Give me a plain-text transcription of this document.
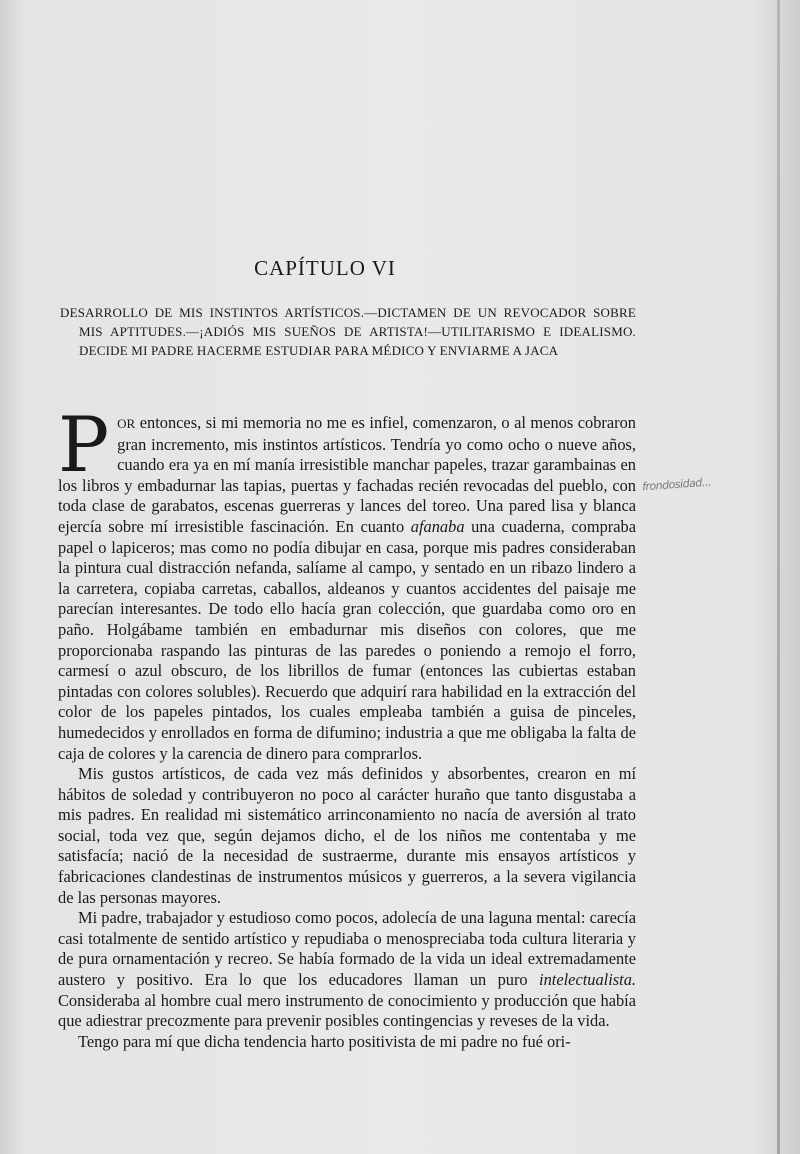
CAPÍTULO VI

DESARROLLO DE MIS INSTINTOS ARTÍSTICOS.—DICTAMEN DE UN REVOCADOR SOBRE

MIS APTITUDES.—¡ADIÓS MIS SUEÑOS DE ARTISTA!—UTILITARISMO E IDEALISMO.

DECIDE MI PADRE HACERME ESTUDIAR PARA MÉDICO Y ENVIARME A JACA

POR entonces, si mi memoria no me es infiel, comenzaron, o al menos cobraron gran incremento, mis instintos artísticos. Tendría yo como ocho o nueve años, cuando era ya en mí manía irresistible manchar papeles, trazar garambainas en los libros y embadurnar las tapias, puertas y fachadas recién revocadas del pueblo, con toda clase de garabatos, escenas guerreras y lances del toreo. Una pared lisa y blanca ejercía sobre mí irresistible fascinación. En cuanto afanaba una cuaderna, compraba papel o lapiceros; mas como no podía dibujar en casa, porque mis padres consideraban la pintura cual distracción nefanda, salíame al campo, y sentado en un ribazo lindero a la carretera, copiaba carretas, caballos, aldeanos y cuantos accidentes del paisaje me parecían interesantes. De todo ello hacía gran colección, que guardaba como oro en paño. Holgábame también en embadurnar mis diseños con colores, que me proporcionaba raspando las pinturas de las paredes o poniendo a remojo el forro, carmesí o azul obscuro, de los librillos de fumar (entonces las cubiertas estaban pintadas con colores solubles). Recuerdo que adquirí rara habilidad en la extracción del color de los papeles pintados, los cuales empleaba también a guisa de pinceles, humedecidos y enrollados en forma de difumino; industria a que me obligaba la falta de caja de colores y la carencia de dinero para comprarlos.

Mis gustos artísticos, de cada vez más definidos y absorbentes, crearon en mí hábitos de soledad y contribuyeron no poco al carácter huraño que tanto disgustaba a mis padres. En realidad mi sistemático arrinconamiento no nacía de aversión al trato social, toda vez que, según dejamos dicho, el de los niños me contentaba y me satisfacía; nació de la necesidad de sustraerme, durante mis ensayos artísticos y fabricaciones clandestinas de instrumentos músicos y guerreros, a la severa vigilancia de las personas mayores.

Mi padre, trabajador y estudioso como pocos, adolecía de una laguna mental: carecía casi totalmente de sentido artístico y repudiaba o menospreciaba toda cultura literaria y de pura ornamentación y recreo. Se había formado de la vida un ideal extremadamente austero y positivo. Era lo que los educadores llaman un puro intelectualista. Consideraba al hombre cual mero instrumento de conocimiento y producción que había que adiestrar precozmente para prevenir posibles contingencias y reveses de la vida.

Tengo para mí que dicha tendencia harto positivista de mi padre no fué ori-

frondosidad...
